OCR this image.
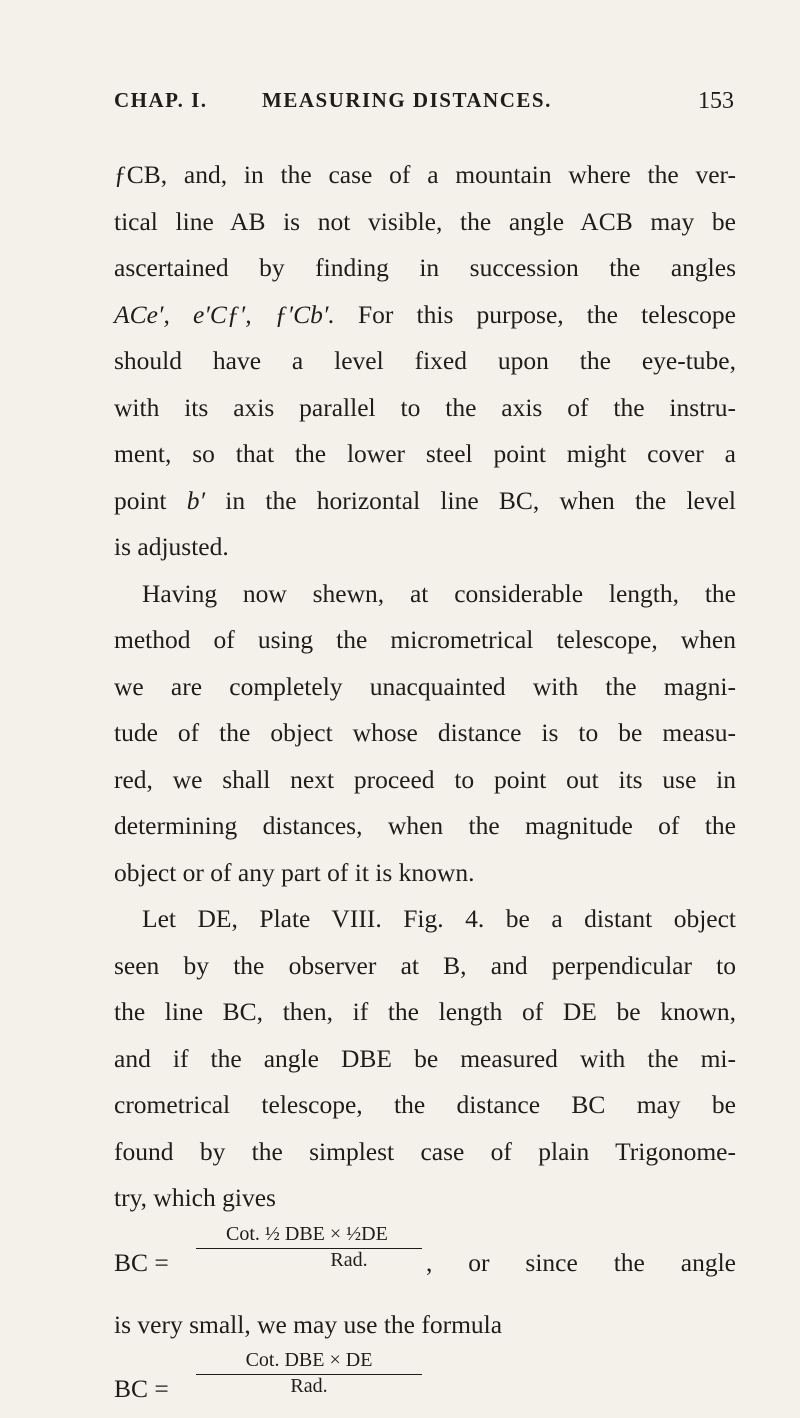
CHAP. I.	MEASURING DISTANCES.	153
ƒCB, and, in the case of a mountain where the ver-
tical line AB is not visible, the angle ACB may be
ascertained by finding in succession the angles
ACe′, e′Cƒ′, ƒ′Cb′. For this purpose, the telescope
should have a level fixed upon the eye-tube,
with its axis parallel to the axis of the instru-
ment, so that the lower steel point might cover a
point b′ in the horizontal line BC, when the level
is adjusted.
Having now shewn, at considerable length, the
method of using the micrometrical telescope, when
we are completely unacquainted with the magni-
tude of the object whose distance is to be measu-
red, we shall next proceed to point out its use in
determining distances, when the magnitude of the
object or of any part of it is known.
Let DE, Plate VIII. Fig. 4. be a distant object
seen by the observer at B, and perpendicular to
the line BC, then, if the length of DE be known,
and if the angle DBE be measured with the mi-
crometrical telescope, the distance BC may be
found by the simplest case of plain Trigonome-
try, which gives
BC =
Cot. ½ DBE × ½DE
Rad.	, or since the angle
is very small, we may use the formula
BC =
Cot. DBE × DE
Rad.
